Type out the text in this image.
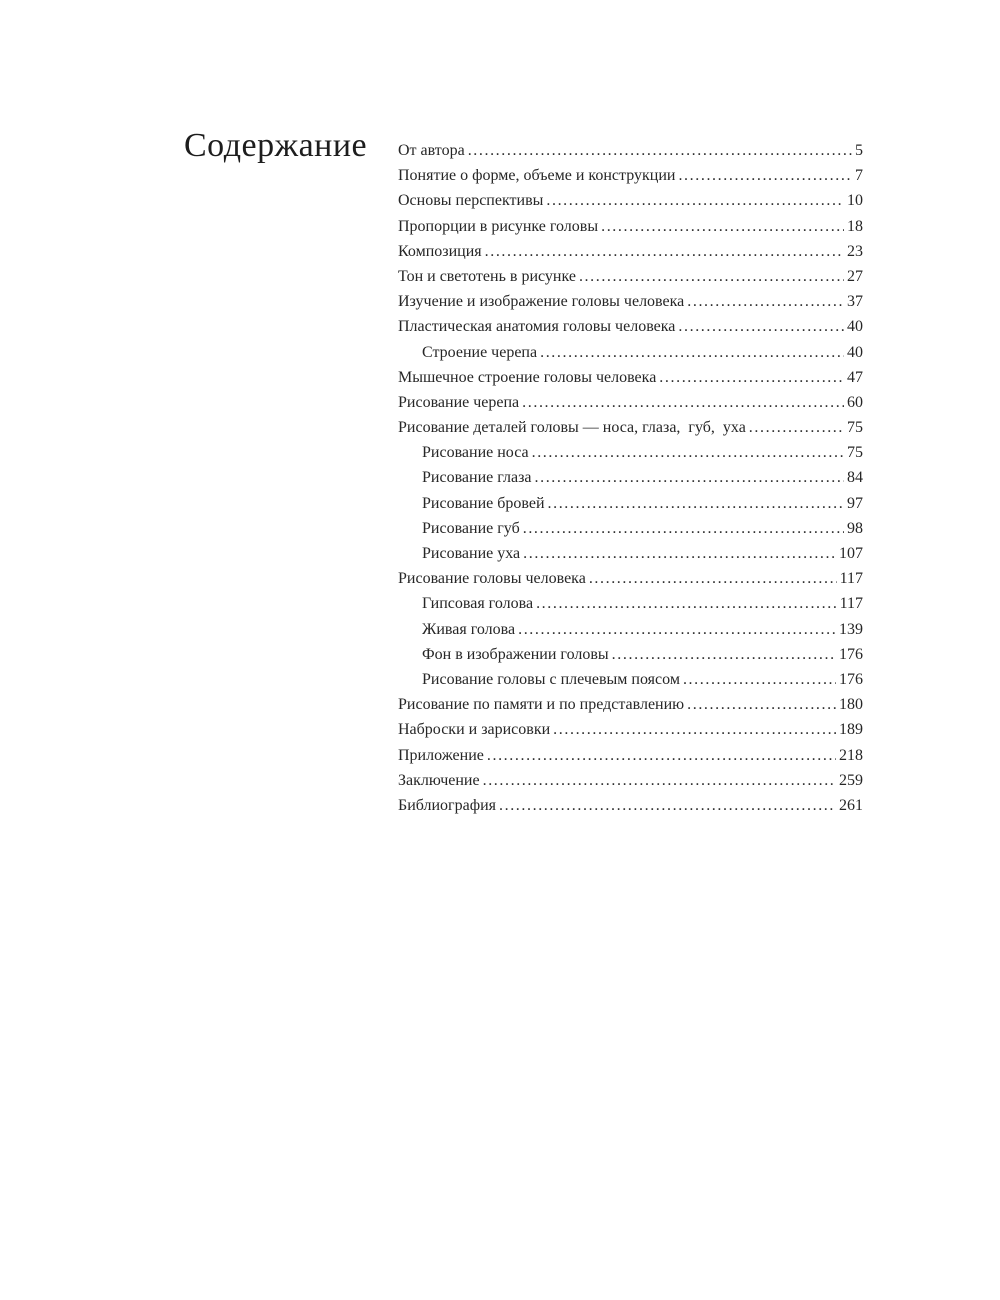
Содержание От автора .....	5
Понятие о форме, объеме и конструкции .....	7
Основы перспективы .....	10
Пропорции в рисунке головы .....	18
Композиция .....	23
Тон и светотень в рисунке .....	27
Изучение и изображение головы человека .....	37
Пластическая анатомия головы человека .....	40
Строение черепа .....	40
Мышечное строение головы человека .....	47
Рисование черепа .....	60
Рисование деталей головы — носа, глаза,  губ,  уха .....	75
Рисование носа .....	75
Рисование глаза .....	84
Рисование бровей .....	97
Рисование губ .....	98
Рисование уха .....	107
Рисование головы человека .....	117
Гипсовая голова .....	117
Живая голова .....	139
Фон в изображении головы .....	176
Рисование головы с плечевым поясом .....	176
Рисование по памяти и по представлению .....	180
Наброски и зарисовки .....	189
Приложение .....	218
Заключение .....	259
Библиография .....	261
